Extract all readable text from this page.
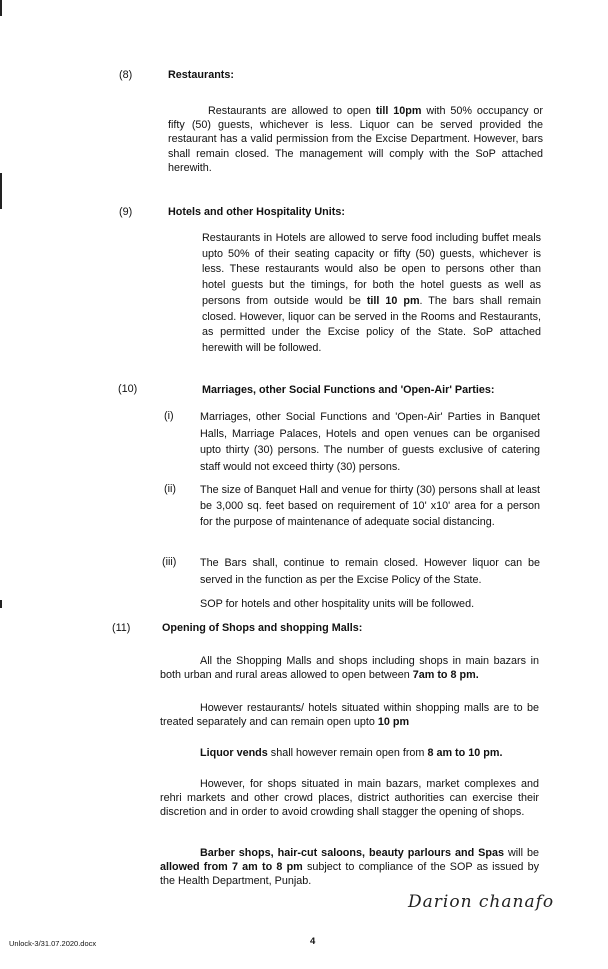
(8)	Restaurants:
Restaurants are allowed to open till 10pm with 50% occupancy or fifty (50) guests, whichever is less. Liquor can be served provided the restaurant has a valid permission from the Excise Department. However, bars shall remain closed. The management will comply with the SoP attached herewith.
(9)	Hotels and other Hospitality Units:
Restaurants in Hotels are allowed to serve food including buffet meals upto 50% of their seating capacity or fifty (50) guests, whichever is less. These restaurants would also be open to persons other than hotel guests but the timings, for both the hotel guests as well as persons from outside would be till 10 pm. The bars shall remain closed. However, liquor can be served in the Rooms and Restaurants, as permitted under the Excise policy of the State. SoP attached herewith will be followed.
(10)	Marriages, other Social Functions and 'Open-Air' Parties:
(i) Marriages, other Social Functions and 'Open-Air' Parties in Banquet Halls, Marriage Palaces, Hotels and open venues can be organised upto thirty (30) persons. The number of guests exclusive of catering staff would not exceed thirty (30) persons.
(ii) The size of Banquet Hall and venue for thirty (30) persons shall at least be 3,000 sq. feet based on requirement of 10' x10' area for a person for the purpose of maintenance of adequate social distancing.
(iii) The Bars shall, continue to remain closed. However liquor can be served in the function as per the Excise Policy of the State.
SOP for hotels and other hospitality units will be followed.
(11)	Opening of Shops and shopping Malls:
All the Shopping Malls and shops including shops in main bazars in both urban and rural areas allowed to open between 7am to 8 pm.
However restaurants/ hotels situated within shopping malls are to be treated separately and can remain open upto 10 pm
Liquor vends shall however remain open from 8 am to 10 pm.
However, for shops situated in main bazars, market complexes and rehri markets and other crowd places, district authorities can exercise their discretion and in order to avoid crowding shall stagger the opening of shops.
Barber shops, hair-cut saloons, beauty parlours and Spas will be allowed from 7 am to 8 pm subject to compliance of the SOP as issued by the Health Department, Punjab.
Darion chanafo
Unlock-3/31.07.2020.docx	4
